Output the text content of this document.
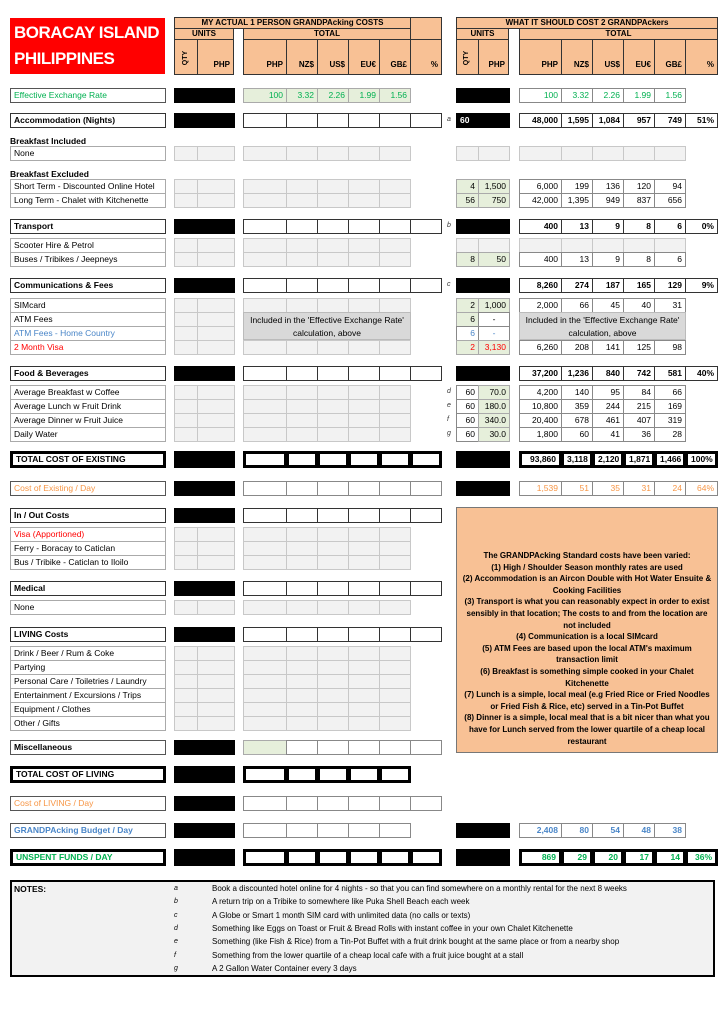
BORACAY ISLAND
PHILIPPINES
MY ACTUAL 1 PERSON GRANDPAcking COSTS
UNITS	TOTAL
QTY	PHP	PHP	NZ$	US$	EU€	GB£	%
WHAT IT SHOULD COST 2 GRANDPAckers
UNITS	TOTAL
QTY	PHP	PHP	NZ$	US$	EU€	GB£	%
Effective Exchange Rate	100	3.32	2.26	1.99	1.56	100	3.32	2.26	1.99	1.56
Accommodation (Nights)	a	60	48,000	1,595	1,084	957	749	51%
Breakfast Included
None
Breakfast Excluded
Short Term - Discounted Online Hotel	4	1,500	6,000	199	136	120	94
Long Term - Chalet with Kitchenette	56	750	42,000	1,395	949	837	656
Transport	b	400	13	9	8	6	0%
Scooter Hire & Petrol
Buses / Tribikes / Jeepneys	8	50	400	13	9	8	6
Communications & Fees	c	8,260	274	187	165	129	9%
SIMcard	2	1,000	2,000	66	45	40	31
ATM Fees	6	-
ATM Fees - Home Country	6	-
Included in the 'Effective Exchange Rate' calculation, above
Included in the 'Effective Exchange Rate' calculation, above
2 Month Visa	2	3,130	6,260	208	141	125	98
Food & Beverages	37,200	1,236	840	742	581	40%
Average Breakfast w Coffee	d	60	70.0	4,200	140	95	84	66
Average Lunch w Fruit Drink	e	60	180.0	10,800	359	244	215	169
Average Dinner w Fruit Juice	f	60	340.0	20,400	678	461	407	319
Daily Water	g	60	30.0	1,800	60	41	36	28
TOTAL COST OF EXISTING	93,860	3,118	2,120	1,871	1,466	100%
Cost of Existing / Day	1,539	51	35	31	24	64%
In / Out Costs
Visa (Apportioned)
Ferry - Boracay to Caticlan
Bus / Tribike - Caticlan to Iloilo
Medical
None
LIVING Costs
Drink / Beer / Rum & Coke
Partying
Personal Care / Toiletries / Laundry
Entertainment / Excursions / Trips
Equipment / Clothes
Other / Gifts
Miscellaneous
TOTAL COST OF LIVING
Cost of LIVING / Day
GRANDPAcking Budget / Day	2,408	80	54	48	38
UNSPENT FUNDS / DAY	869	29	20	17	14	36%
The GRANDPAcking Standard costs have been varied:
(1) High / Shoulder Season monthly rates are used
(2) Accommodation is an Aircon Double with Hot Water Ensuite & Cooking Facilities
(3) Transport is what you can reasonably expect in order to exist sensibly in that location; The costs to and from the location are not included
(4) Communication is a local SIMcard
(5) ATM Fees are based upon the local ATM's maximum transaction limit
(6) Breakfast is something simple cooked in your Chalet Kitchenette
(7) Lunch is a simple, local meal (e.g Fried Rice or Fried Noodles or Fried Fish & Rice, etc) served in a Tin-Pot Buffet
(8) Dinner is a simple, local meal that is a bit nicer than what you have for Lunch served from the lower quartile of a cheap local restaurant
NOTES:	a	Book a discounted hotel online for 4 nights - so that you can find somewhere on a monthly rental for the next 8 weeks
b	A return trip on a Tribike to somewhere like Puka Shell Beach each week
c	A Globe or Smart 1 month SIM card with unlimited data (no calls or texts)
d	Something like Eggs on Toast or Fruit & Bread Rolls with instant coffee in your own Chalet Kitchenette
e	Something (like Fish & Rice) from a Tin-Pot Buffet with a fruit drink bought at the same place or from a nearby shop
f	Something from the lower quartile of a cheap local cafe with a fruit juice bought at a stall
g	A 2 Gallon Water Container every 3 days
